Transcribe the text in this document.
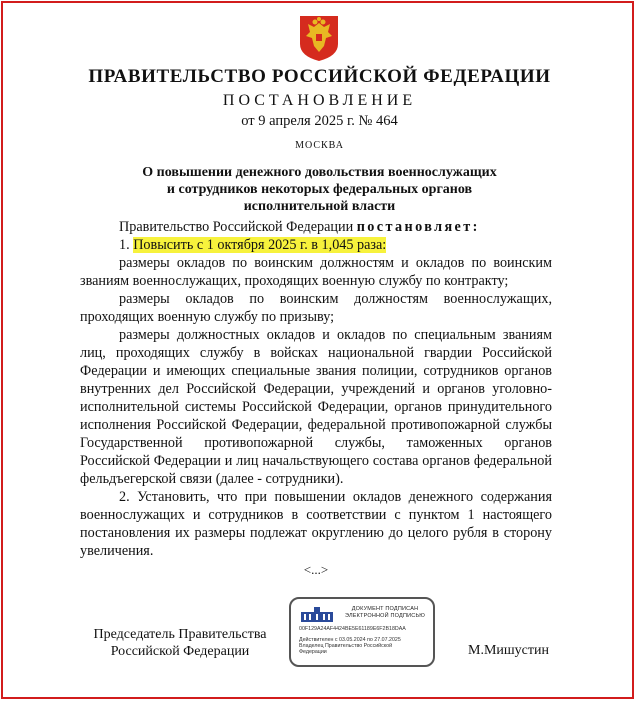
ПРАВИТЕЛЬСТВО РОССИЙСКОЙ ФЕДЕРАЦИИ
ПОСТАНОВЛЕНИЕ
от 9 апреля 2025 г. № 464
МОСКВА
О повышении денежного довольствия военнослужащих
и сотрудников некоторых федеральных органов
исполнительной власти

Правительство Российской Федерации постановляет:

1. Повысить с 1 октября 2025 г. в 1,045 раза:

размеры окладов по воинским должностям и окладов по воинским званиям военнослужащих, проходящих военную службу по контракту;

размеры окладов по воинским должностям военнослужащих, проходящих военную службу по призыву;

размеры должностных окладов и окладов по специальным званиям лиц, проходящих службу в войсках национальной гвардии Российской Федерации и имеющих специальные звания полиции, сотрудников органов внутренних дел Российской Федерации, учреждений и органов уголовно-исполнительной системы Российской Федерации, органов принудительного исполнения Российской Федерации, федеральной противопожарной службы Государственной противопожарной службы, таможенных органов Российской Федерации и лиц начальствующего состава органов федеральной фельдъегерской связи (далее - сотрудники).

2. Установить, что при повышении окладов денежного содержания военнослужащих и сотрудников в соответствии с пунктом 1 настоящего постановления их размеры подлежат округлению до целого рубля в сторону увеличения.

<...>

Председатель Правительства
Российской Федерации	М.Мишустин
ДОКУМЕНТ ПОДПИСАН
ЭЛЕКТРОННОЙ ПОДПИСЬЮ
00F129A24AF4424BE5E61189E6F2B18DAA
Действителен с 03.05.2024 по 27.07.2025
Владелец Правительство Российской
Федерации
